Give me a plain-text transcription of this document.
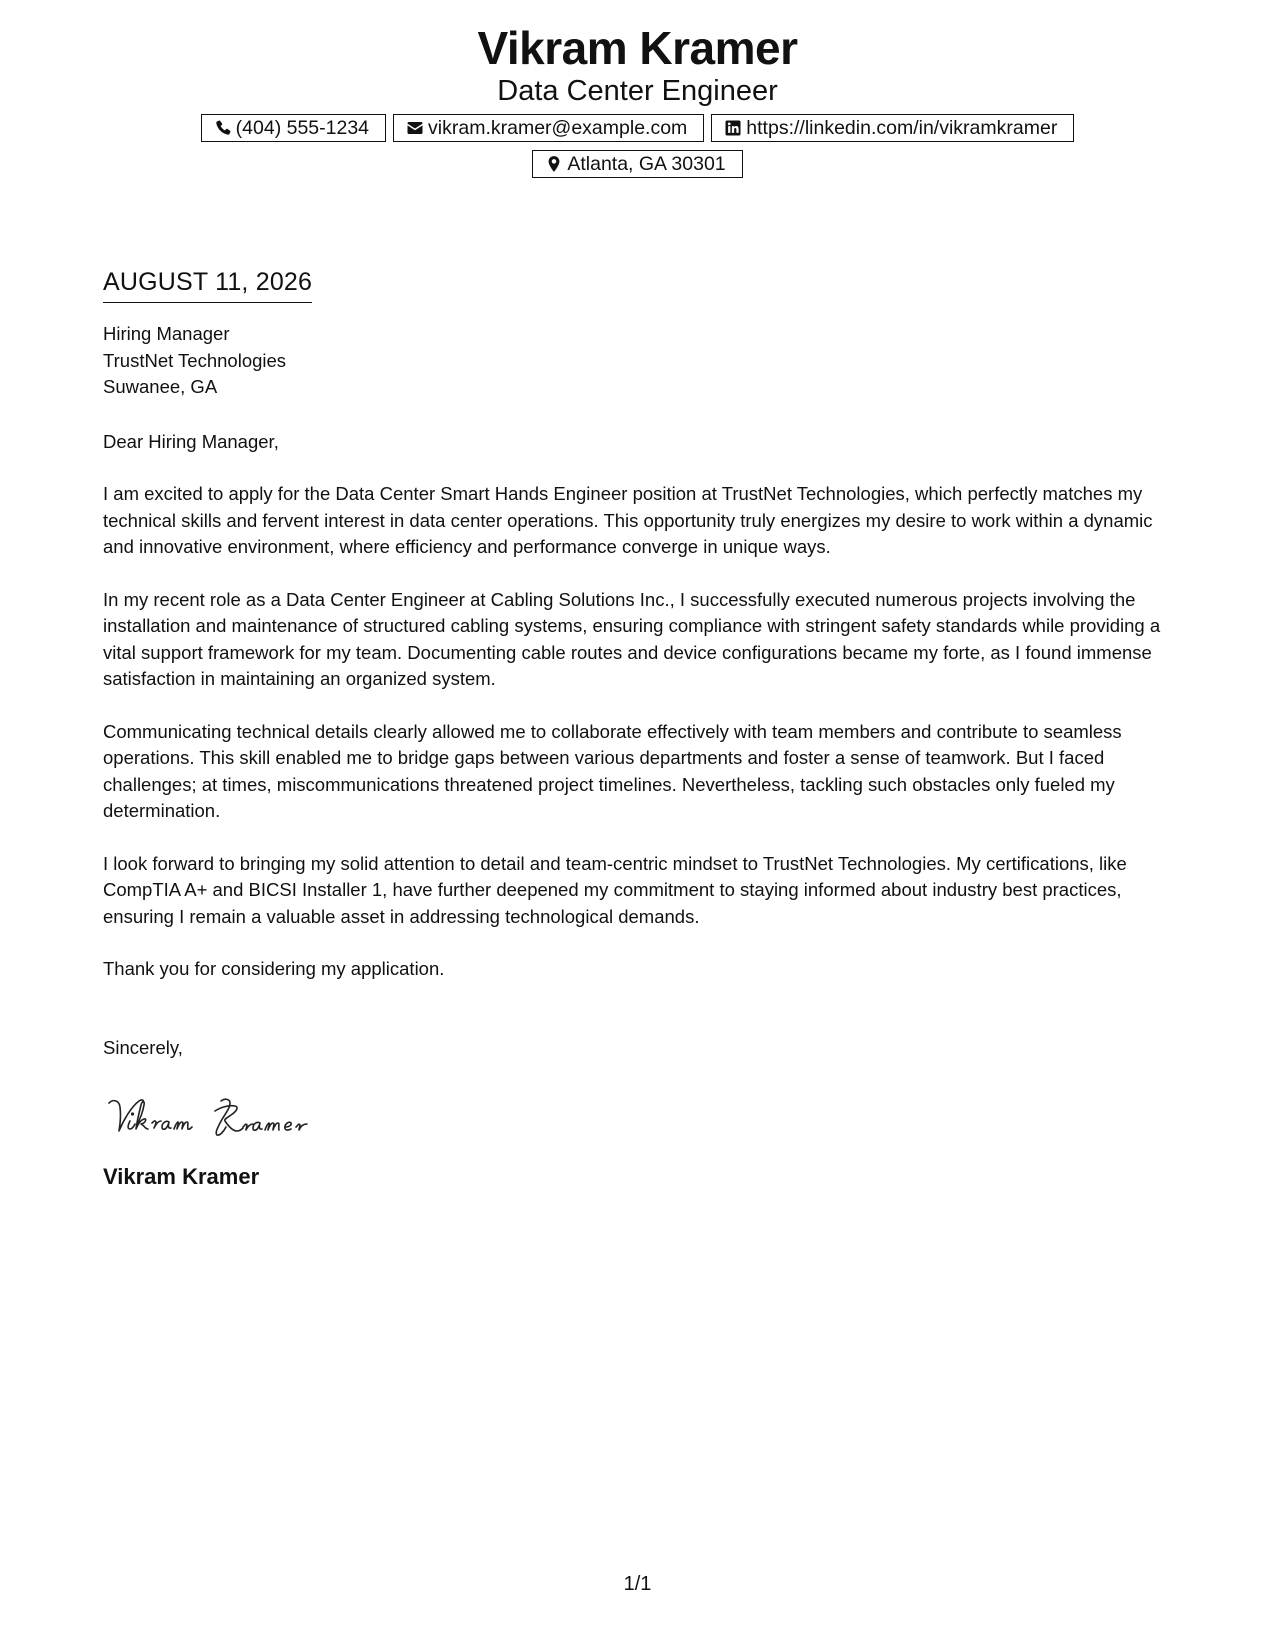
Vikram Kramer
Data Center Engineer
(404) 555-1234	vikram.kramer@example.com	https://linkedin.com/in/vikramkramer
Atlanta, GA 30301
AUGUST 11, 2026
Hiring Manager
TrustNet Technologies
Suwanee, GA
Dear Hiring Manager,
I am excited to apply for the Data Center Smart Hands Engineer position at TrustNet Technologies, which perfectly matches my technical skills and fervent interest in data center operations. This opportunity truly energizes my desire to work within a dynamic and innovative environment, where efficiency and performance converge in unique ways.
In my recent role as a Data Center Engineer at Cabling Solutions Inc., I successfully executed numerous projects involving the installation and maintenance of structured cabling systems, ensuring compliance with stringent safety standards while providing a vital support framework for my team. Documenting cable routes and device configurations became my forte, as I found immense satisfaction in maintaining an organized system.
Communicating technical details clearly allowed me to collaborate effectively with team members and contribute to seamless operations. This skill enabled me to bridge gaps between various departments and foster a sense of teamwork. But I faced challenges; at times, miscommunications threatened project timelines. Nevertheless, tackling such obstacles only fueled my determination.
I look forward to bringing my solid attention to detail and team-centric mindset to TrustNet Technologies. My certifications, like CompTIA A+ and BICSI Installer 1, have further deepened my commitment to staying informed about industry best practices, ensuring I remain a valuable asset in addressing technological demands.
Thank you for considering my application.
Sincerely,
Vikram Kramer
1/1
